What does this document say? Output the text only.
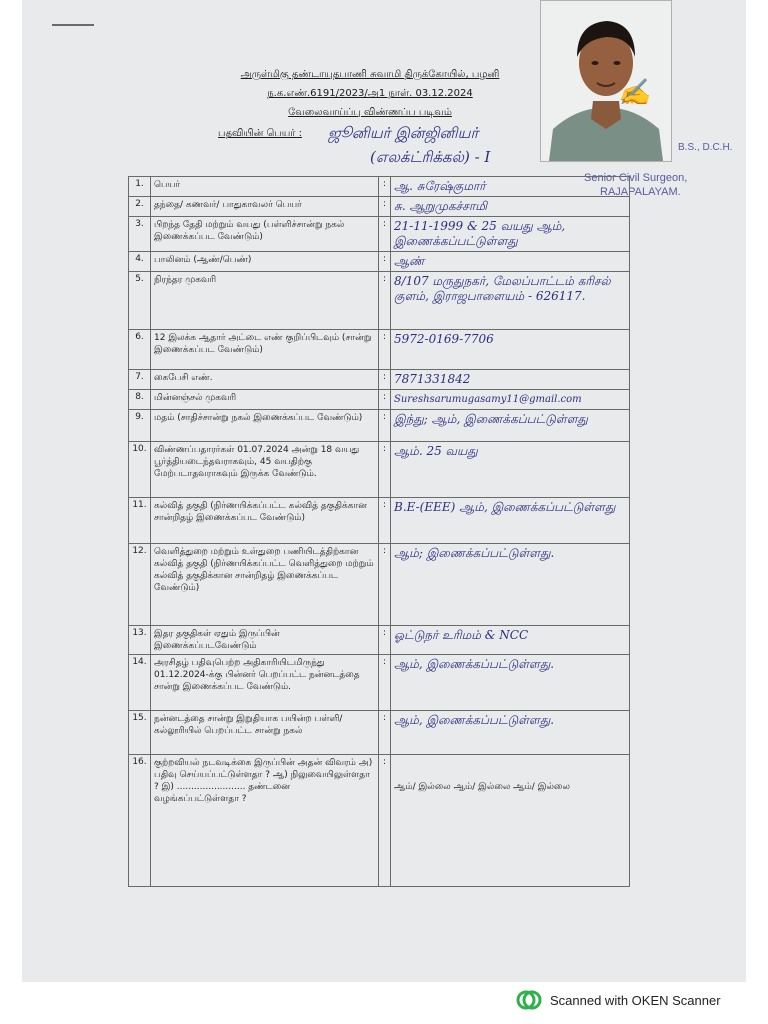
அருள்மிகு தண்டாயுதபாணி சுவாமி திருக்கோயில், பழனி
ந.க.எண்.6191/2023/அ1 நாள். 03.12.2024
வேலைவாய்ப்பு விண்ணப்ப படிவம்
பதவியின் பெயர் : ஜூனியர் இன்ஜினியர்
(எலக்ட்ரிக்கல்) - I
✍
B.S., D.C.H.
Senior Civil Surgeon,
RAJAPALAYAM.
1.	பெயர்	:	ஆ. சுரேஷ்குமார்
2.	தந்தை/ கணவர்/ பாதுகாவலர் பெயர்	:	சு. ஆறுமுகச்சாமி
3.	பிறந்த தேதி மற்றும் வயது (பள்ளிச்சான்று நகல் இணைக்கப்பட வேண்டும்)	:	21-11-1999 & 25 வயது ஆம், இணைக்கப்பட்டுள்ளது
4.	பாலினம் (ஆண்/பெண்)	:	ஆண்
5.	நிரந்தர முகவரி	:	8/107 மருதுநகர், மேலப்பாட்டம் கரிசல் குளம், இராஜபாளையம் - 626117.
6.	12 இலக்க ஆதார் அட்டை எண் குறிப்பிடவும் (சான்று இணைக்கப்பட வேண்டும்)	:	5972-0169-7706
7.	கைபேசி எண்.	:	7871331842
8.	மின்னஞ்சல் முகவரி	:	Sureshsarumugasamy11@gmail.com
9.	மதம் (சாதிச்சான்று நகல் இணைக்கப்பட வேண்டும்)	:	இந்து; ஆம், இணைக்கப்பட்டுள்ளது
10.	விண்ணப்பதாரர்கள் 01.07.2024 அன்று 18 வயது பூர்த்தியடைந்தவராகவும், 45 வயதிற்கு மேற்படாதவராகவும் இருக்க வேண்டும்.	:	ஆம். 25 வயது
11.	கல்வித் தகுதி (நிர்ணயிக்கப்பட்ட கல்வித் தகுதிக்கான சான்றிதழ் இணைக்கப்பட வேண்டும்)	:	B.E-(EEE) ஆம், இணைக்கப்பட்டுள்ளது
12.	வெளித்துறை மற்றும் உள்துறை பணியிடத்திற்கான கல்வித் தகுதி (நிர்ணயிக்கப்பட்ட வெளித்துறை மற்றும் கல்வித் தகுதிக்கான சான்றிதழ் இணைக்கப்பட வேண்டும்)	:	ஆம்; இணைக்கப்பட்டுள்ளது.
13.	இதர தகுதிகள் ஏதும் இருப்பின் இணைக்கப்படவேண்டும்	:	ஓட்டுநர் உரிமம் & NCC
14.	அரசிதழ் பதிவுபெற்ற அதிகாரியிடமிருந்து 01.12.2024-க்கு பின்னர் பெறப்பட்ட நன்னடத்தை சான்று இணைக்கப்பட வேண்டும்.	:	ஆம், இணைக்கப்பட்டுள்ளது.
15.	நன்னடத்தை சான்று இறுதியாக பயின்ற பள்ளி/ கல்லூரியில் பெறப்பட்ட சான்று நகல்	:	ஆம், இணைக்கப்பட்டுள்ளது.
16.	குற்றவியல் நடவடிக்கை இருப்பின் அதன் விவரம் அ) பதிவு செய்யப்பட்டுள்ளதா ? ஆ) நிலுவையிலுள்ளதா ? இ) ........................ தண்டனை வழங்கப்பட்டுள்ளதா ?	:	ஆம்/ இல்லை ஆம்/ இல்லை ஆம்/ இல்லை
Scanned with OKEN Scanner
